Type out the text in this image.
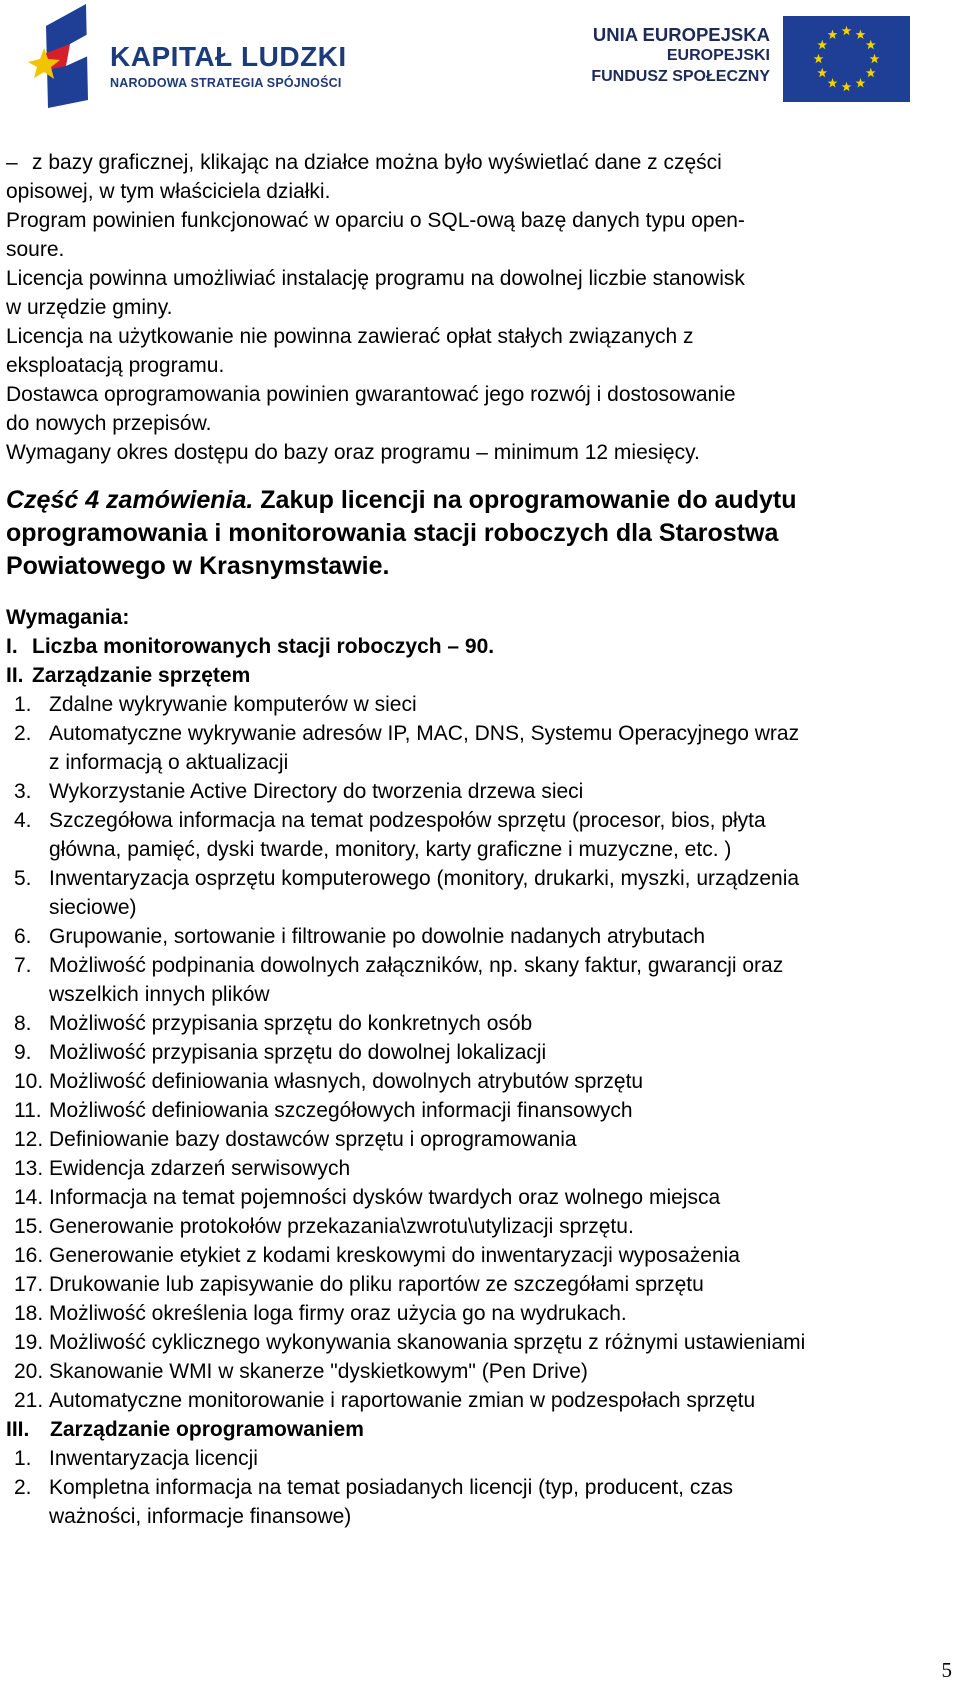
KAPITAŁ LUDZKI
NARODOWA STRATEGIA SPÓJNOŚCI
UNIA EUROPEJSKA
EUROPEJSKI
FUNDUSZ SPOŁECZNY
– z bazy graficznej, klikając na działce można było wyświetlać dane z części
opisowej, w tym właściciela działki.
Program powinien funkcjonować w oparciu o SQL-ową bazę danych typu open-
soure.
Licencja powinna umożliwiać instalację programu na dowolnej liczbie stanowisk
w urzędzie gminy.
Licencja na użytkowanie nie powinna zawierać opłat stałych związanych z
eksploatacją programu.
Dostawca oprogramowania powinien gwarantować jego rozwój i dostosowanie
do nowych przepisów.
Wymagany okres dostępu do bazy oraz programu – minimum 12 miesięcy.
Część 4 zamówienia. Zakup licencji na oprogramowanie do audytu
oprogramowania i monitorowania stacji roboczych dla Starostwa
Powiatowego w Krasnymstawie.
Wymagania:
I. Liczba monitorowanych stacji roboczych – 90.
II. Zarządzanie sprzętem
1. Zdalne wykrywanie komputerów w sieci
2. Automatyczne wykrywanie adresów IP, MAC, DNS, Systemu Operacyjnego wraz
z informacją o aktualizacji
3. Wykorzystanie Active Directory do tworzenia drzewa sieci
4. Szczegółowa informacja na temat podzespołów sprzętu (procesor, bios, płyta
główna, pamięć, dyski twarde, monitory, karty graficzne i muzyczne, etc. )
5. Inwentaryzacja osprzętu komputerowego (monitory, drukarki, myszki, urządzenia
sieciowe)
6. Grupowanie, sortowanie i filtrowanie po dowolnie nadanych atrybutach
7. Możliwość podpinania dowolnych załączników, np. skany faktur, gwarancji oraz
wszelkich innych plików
8. Możliwość przypisania sprzętu do konkretnych osób
9. Możliwość przypisania sprzętu do dowolnej lokalizacji
10. Możliwość definiowania własnych, dowolnych atrybutów sprzętu
11. Możliwość definiowania szczegółowych informacji finansowych
12. Definiowanie bazy dostawców sprzętu i oprogramowania
13. Ewidencja zdarzeń serwisowych
14. Informacja na temat pojemności dysków twardych oraz wolnego miejsca
15. Generowanie protokołów przekazania\zwrotu\utylizacji sprzętu.
16. Generowanie etykiet z kodami kreskowymi do inwentaryzacji wyposażenia
17. Drukowanie lub zapisywanie do pliku raportów ze szczegółami sprzętu
18. Możliwość określenia loga firmy oraz użycia go na wydrukach.
19. Możliwość cyklicznego wykonywania skanowania sprzętu z różnymi ustawieniami
20. Skanowanie WMI w skanerze "dyskietkowym" (Pen Drive)
21. Automatyczne monitorowanie i raportowanie zmian w podzespołach sprzętu
III. Zarządzanie oprogramowaniem
1. Inwentaryzacja licencji
2. Kompletna informacja na temat posiadanych licencji (typ, producent, czas
ważności, informacje finansowe)
5
